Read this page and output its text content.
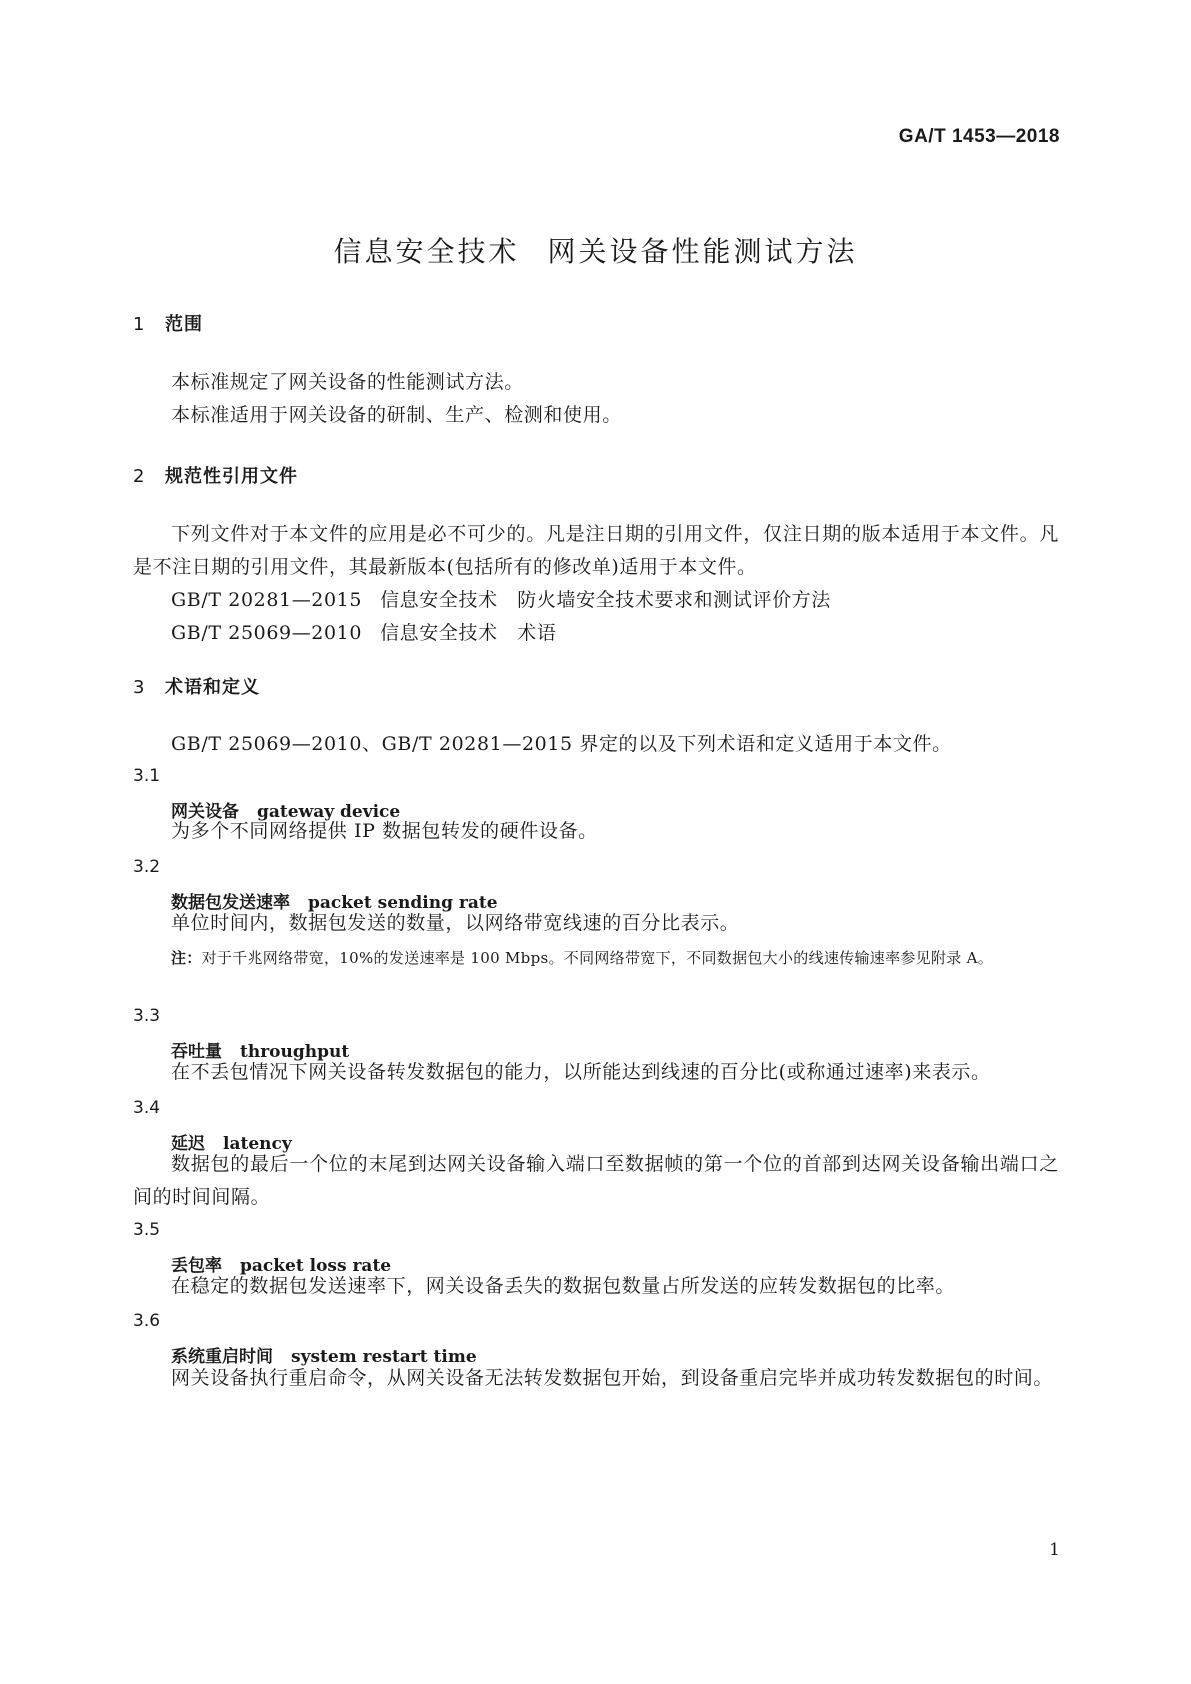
GA/T 1453—2018
信息安全技术 网关设备性能测试方法
1 范围
本标准规定了网关设备的性能测试方法。
本标准适用于网关设备的研制、生产、检测和使用。
2 规范性引用文件
下列文件对于本文件的应用是必不可少的。凡是注日期的引用文件，仅注日期的版本适用于本文件。凡是不注日期的引用文件，其最新版本(包括所有的修改单)适用于本文件。
GB/T 20281—2015 信息安全技术　防火墙安全技术要求和测试评价方法
GB/T 25069—2010 信息安全技术　术语
3 术语和定义
GB/T 25069—2010、GB/T 20281—2015 界定的以及下列术语和定义适用于本文件。
3.1
网关设备 gateway device
为多个不同网络提供 IP 数据包转发的硬件设备。
3.2
数据包发送速率 packet sending rate
单位时间内，数据包发送的数量，以网络带宽线速的百分比表示。
注：对于千兆网络带宽，10%的发送速率是 100 Mbps。不同网络带宽下，不同数据包大小的线速传输速率参见附录 A。
3.3
吞吐量 throughput
在不丢包情况下网关设备转发数据包的能力，以所能达到线速的百分比(或称通过速率)来表示。
3.4
延迟 latency
数据包的最后一个位的末尾到达网关设备输入端口至数据帧的第一个位的首部到达网关设备输出端口之间的时间间隔。
3.5
丢包率 packet loss rate
在稳定的数据包发送速率下，网关设备丢失的数据包数量占所发送的应转发数据包的比率。
3.6
系统重启时间 system restart time
网关设备执行重启命令，从网关设备无法转发数据包开始，到设备重启完毕并成功转发数据包的时间。
1
